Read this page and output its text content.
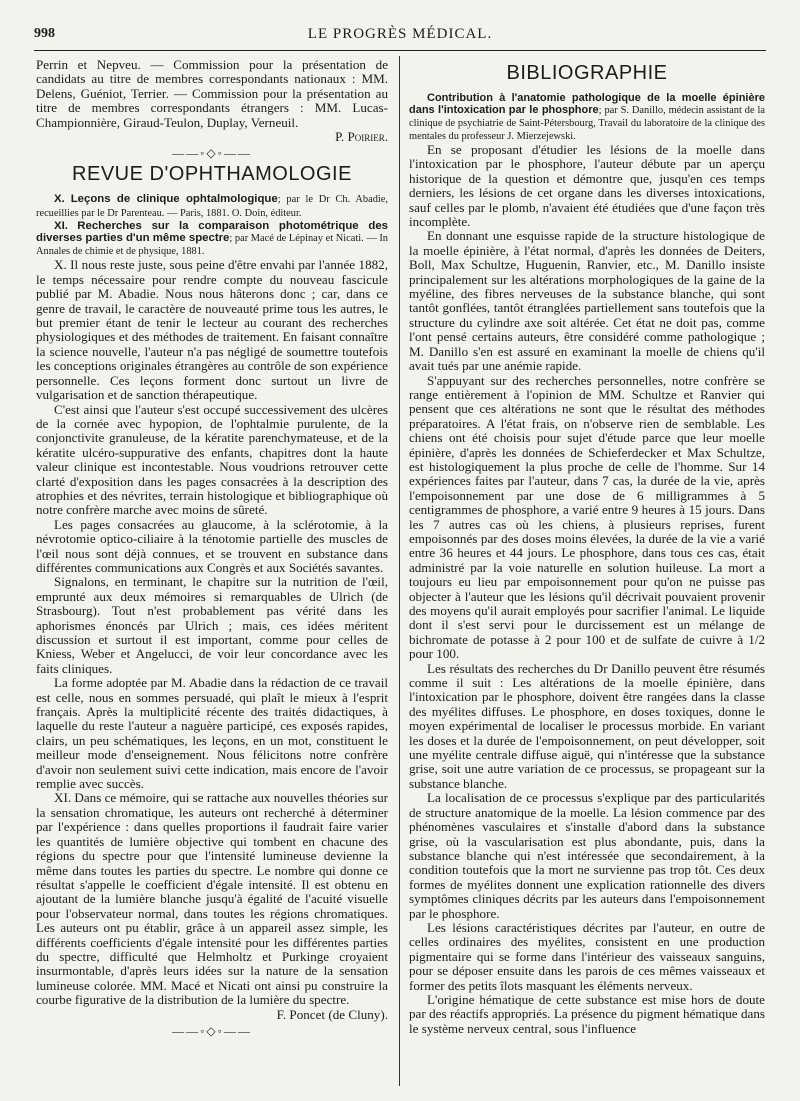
998	LE PROGRÈS MÉDICAL.

Perrin et Nepveu. — Commission pour la présentation de candidats au titre de membres correspondants nationaux : MM. Delens, Guéniot, Terrier. — Commission pour la présentation au titre de membres correspondants étrangers : MM. Lucas-Championnière, Giraud-Teulon, Duplay, Verneuil.

P. Poirier.

——◦◇◦——
REVUE D'OPHTHAMOLOGIE

X. Leçons de clinique ophtalmologique; par le Dr Ch. Abadie, recueillies par le Dr Parenteau. — Paris, 1881. O. Doin, éditeur.

XI. Recherches sur la comparaison photométrique des diverses parties d'un même spectre; par Macé de Lépinay et Nicati. — In Annales de chimie et de physique, 1881.

X. Il nous reste juste, sous peine d'être envahi par l'année 1882, le temps nécessaire pour rendre compte du nouveau fascicule publié par M. Abadie. Nous nous hâterons donc ; car, dans ce genre de travail, le caractère de nouveauté prime tous les autres, le but premier étant de tenir le lecteur au courant des recherches physiologiques et des méthodes de traitement. En faisant connaître la science nouvelle, l'auteur n'a pas négligé de soumettre toutefois les conceptions originales étrangères au contrôle de son expérience personnelle. Ces leçons forment donc surtout un livre de vulgarisation et de sanction thérapeutique.

C'est ainsi que l'auteur s'est occupé successivement des ulcères de la cornée avec hypopion, de l'ophtalmie purulente, de la conjonctivite granuleuse, de la kératite parenchymateuse, et de la kératite ulcéro-suppurative des enfants, chapitres dont la haute valeur clinique est incontestable. Nous voudrions retrouver cette clarté d'exposition dans les pages consacrées à la description des atrophies et des névrites, terrain histologique et bibliographique où notre confrère marche avec moins de sûreté.

Les pages consacrées au glaucome, à la sclérotomie, à la névrotomie optico-ciliaire à la ténotomie partielle des muscles de l'œil nous sont déjà connues, et se trouvent en substance dans différentes communications aux Congrès et aux Sociétés savantes.

Signalons, en terminant, le chapitre sur la nutrition de l'œil, emprunté aux deux mémoires si remarquables de Ulrich (de Strasbourg). Tout n'est probablement pas vérité dans les aphorismes énoncés par Ulrich ; mais, ces idées méritent discussion et surtout il est important, comme pour celles de Kniess, Weber et Angelucci, de voir leur concordance avec les faits cliniques.

La forme adoptée par M. Abadie dans la rédaction de ce travail est celle, nous en sommes persuadé, qui plaît le mieux à l'esprit français. Après la multiplicité récente des traités didactiques, à laquelle du reste l'auteur a naguère participé, ces exposés rapides, clairs, un peu schématiques, les leçons, en un mot, constituent le meilleur mode d'enseignement. Nous félicitons notre confrère d'avoir non seulement suivi cette indication, mais encore de l'avoir remplie avec succès.

XI. Dans ce mémoire, qui se rattache aux nouvelles théories sur la sensation chromatique, les auteurs ont recherché à déterminer par l'expérience : dans quelles proportions il faudrait faire varier les quantités de lumière objective qui tombent en chacune des régions du spectre pour que l'intensité lumineuse devienne la même dans toutes les parties du spectre. Le nombre qui donne ce résultat s'appelle le coefficient d'égale intensité. Il est obtenu en ajoutant de la lumière blanche jusqu'à égalité de l'acuité visuelle pour l'observateur normal, dans toutes les régions chromatiques. Les auteurs ont pu établir, grâce à un appareil assez simple, les différents coefficients d'égale intensité pour les différentes parties du spectre, difficulté que Helmholtz et Purkinge croyaient insurmontable, d'après leurs idées sur la nature de la sensation lumineuse colorée. MM. Macé et Nicati ont ainsi pu construire la courbe figurative de la distribution de la lumière du spectre.

F. Poncet (de Cluny).

——◦◇◦——
BIBLIOGRAPHIE

Contribution à l'anatomie pathologique de la moelle épinière dans l'intoxication par le phosphore; par S. Danillo, médecin assistant de la clinique de psychiatrie de Saint-Pétersbourg, Travail du laboratoire de la clinique des mentales du professeur J. Mierzejewski.

En se proposant d'étudier les lésions de la moelle dans l'intoxication par le phosphore, l'auteur débute par un aperçu historique de la question et démontre que, jusqu'en ces temps derniers, les lésions de cet organe dans les diverses intoxications, sauf celles par le plomb, n'avaient été étudiées que d'une façon très incomplète.

En donnant une esquisse rapide de la structure histologique de la moelle épinière, à l'état normal, d'après les données de Deiters, Boll, Max Schultze, Huguenin, Ranvier, etc., M. Danillo insiste principalement sur les altérations morphologiques de la gaine de la myéline, des fibres nerveuses de la substance blanche, qui sont tantôt gonflées, tantôt étranglées partiellement sans toutefois que la structure du cylindre axe soit altérée. Cet état ne doit pas, comme l'ont pensé certains auteurs, être considéré comme pathologique ; M. Danillo s'en est assuré en examinant la moelle de chiens qu'il avait tués par une anémie rapide.

S'appuyant sur des recherches personnelles, notre confrère se range entièrement à l'opinion de MM. Schultze et Ranvier qui pensent que ces altérations ne sont que le résultat des méthodes préparatoires. A l'état frais, on n'observe rien de semblable. Les chiens ont été choisis pour sujet d'étude parce que leur moelle épinière, d'après les données de Schieferdecker et Max Schultze, est histologiquement la plus proche de celle de l'homme. Sur 14 expériences faites par l'auteur, dans 7 cas, la durée de la vie, après l'empoisonnement par une dose de 6 milligrammes à 5 centigrammes de phosphore, a varié entre 9 heures à 15 jours. Dans les 7 autres cas où les chiens, à plusieurs reprises, furent empoisonnés par des doses moins élevées, la durée de la vie a varié entre 36 heures et 44 jours. Le phosphore, dans tous ces cas, était administré par la voie naturelle en solution huileuse. La mort a toujours eu lieu par empoisonnement pour qu'on ne puisse pas objecter à l'auteur que les lésions qu'il décrivait pouvaient provenir des moyens qu'il aurait employés pour sacrifier l'animal. Le liquide dont il s'est servi pour le durcissement est un mélange de bichromate de potasse à 2 pour 100 et de sulfate de cuivre à 1/2 pour 100.

Les résultats des recherches du Dr Danillo peuvent être résumés comme il suit : Les altérations de la moelle épinière, dans l'intoxication par le phosphore, doivent être rangées dans la classe des myélites diffuses. Le phosphore, en doses toxiques, donne le moyen expérimental de localiser le processus morbide. En variant les doses et la durée de l'empoisonnement, on peut développer, soit une myélite centrale diffuse aiguë, qui n'intéresse que la substance grise, soit une autre variation de ce processus, se propageant sur la substance blanche.

La localisation de ce processus s'explique par des particularités de structure anatomique de la moelle. La lésion commence par des phénomènes vasculaires et s'installe d'abord dans la substance grise, où la vascularisation est plus abondante, puis, dans la substance blanche qui n'est intéressée que secondairement, à la condition toutefois que la mort ne survienne pas trop tôt. Ces deux formes de myélites donnent une explication rationnelle des divers symptômes cliniques décrits par les auteurs dans l'empoisonnement par le phosphore.

Les lésions caractéristiques décrites par l'auteur, en outre de celles ordinaires des myélites, consistent en une production pigmentaire qui se forme dans l'intérieur des vaisseaux sanguins, pour se déposer ensuite dans les parois de ces mêmes vaisseaux et former des petits îlots masquant les éléments nerveux.

L'origine hématique de cette substance est mise hors de doute par des réactifs appropriés. La présence du pigment hématique dans le système nerveux central, sous l'influence
